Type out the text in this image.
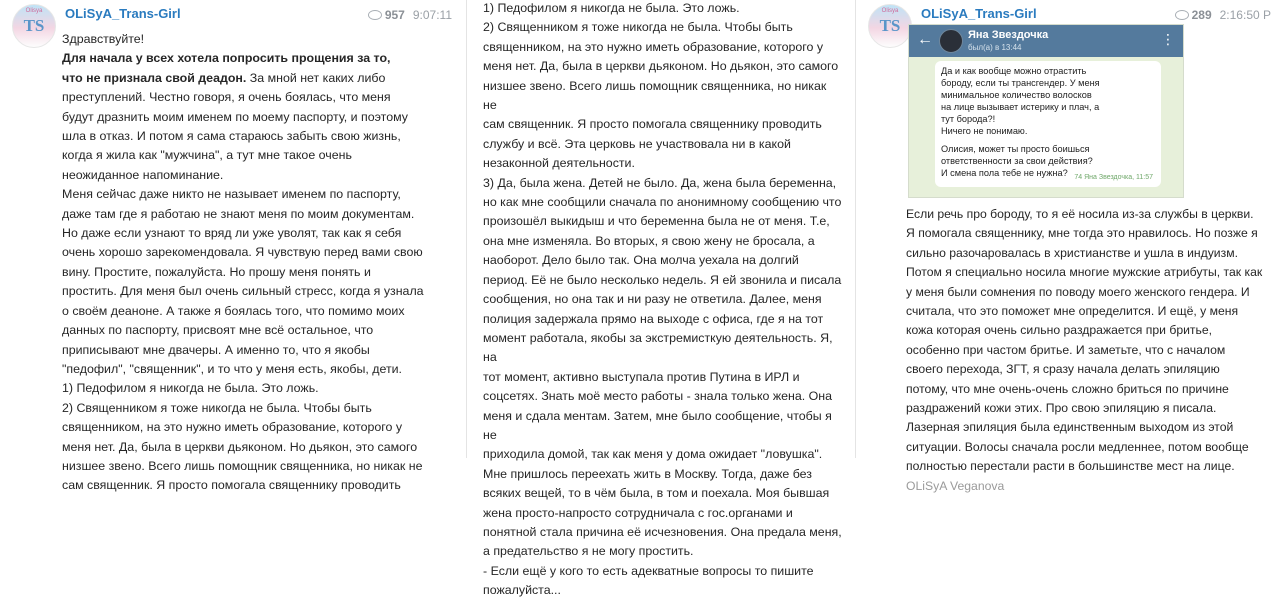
Olisya
TS
OLiSyA_Trans-Girl	957 9:07:11

Здравствуйте!

Для начала у всех хотела попросить прощения за то,

что не признала свой деадон. За мной нет каких либо

преступлений. Честно говоря, я очень боялась, что меня

будут дразнить моим именем по моему паспорту, и поэтому

шла в отказ. И потом я сама стараюсь забыть свою жизнь,

когда я жила как "мужчина", а тут мне такое очень

неожиданное напоминание.

Меня сейчас даже никто не называет именем по паспорту,

даже там где я работаю не знают меня по моим документам.

Но даже если узнают то вряд ли уже уволят, так как я себя

очень хорошо зарекомендовала. Я чувствую перед вами свою

вину. Простите, пожалуйста. Но прошу меня понять и

простить. Для меня был очень сильный стресс, когда я узнала

о своём деаноне. А также я боялась того, что помимо моих

данных по паспорту, присвоят мне всё остальное, что

приписывают мне двачеры. А именно то, что я якобы

"педофил", "священник", и то что у меня есть, якобы, дети.

1) Педофилом я никогда не была. Это ложь.

2) Священником я тоже никогда не была. Чтобы быть

священником, на это нужно иметь образование, которого у

меня нет. Да, была в церкви дьяконом. Но дьякон, это самого

низшее звено. Всего лишь помощник священника, но никак не

сам священник. Я просто помогала священнику проводить

1) Педофилом я никогда не была. Это ложь.

2) Священником я тоже никогда не была. Чтобы быть

священником, на это нужно иметь образование, которого у

меня нет. Да, была в церкви дьяконом. Но дьякон, это самого

низшее звено. Всего лишь помощник священника, но никак не

сам священник. Я просто помогала священнику проводить

службу и всё. Эта церковь не участвовала ни в какой

незаконной деятельности.

3) Да, была жена. Детей не было. Да, жена была беременна,

но как мне сообщили сначала по анонимному сообщению что

произошёл выкидыш и что беременна была не от меня. Т.е,

она мне изменяла. Во вторых, я свою жену не бросала, а

наоборот. Дело было так. Она молча уехала на долгий

период. Её не было несколько недель. Я ей звонила и писала

сообщения, но она так и ни разу не ответила. Далее, меня

полиция задержала прямо на выходе с офиса, где я на тот

момент работала, якобы за экстремисткую деятельность. Я, на

тот момент, активно выступала против Путина в ИРЛ и

соцсетях. Знать моё место работы - знала только жена. Она

меня и сдала ментам. Затем, мне было сообщение, чтобы я не

приходила домой, так как меня у дома ожидает "ловушка".

Мне пришлось переехать жить в Москву. Тогда, даже без

всяких вещей, то в чём была, в том и поехала. Моя бывшая

жена просто-напросто сотрудничала с гос.органами и

понятной стала причина её исчезновения. Она предала меня,

а предательство я не могу простить.

- Если ещё у кого то есть адекватные вопросы то пишите

пожалуйста...

Olisya
TS
OLiSyA_Trans-Girl	289 2:16:50 P
←	Яна Звездочка
был(а) в 13:44
⋮

Да и как вообще можно отрастить

бороду, если ты трансгендер. У меня

минимальное количество волосков

на лице вызывает истерику и плач, а

тут борода?!

Ничего не понимаю.

Олисия, может ты просто боишься

ответственности за свои действия?

И смена пола тебе не нужна? 74 Яна Звездочка, 11:57

Если речь про бороду, то я её носила из-за службы в церкви.

Я помогала священнику, мне тогда это нравилось. Но позже я

сильно разочаровалась в христианстве и ушла в индуизм.

Потом я специально носила многие мужские атрибуты, так как

у меня были сомнения по поводу моего женского гендера. И

считала, что это поможет мне определится. И ещё, у меня

кожа которая очень сильно раздражается при бритье,

особенно при частом бритье. И заметьте, что с началом

своего перехода, ЗГТ, я сразу начала делать эпиляцию

потому, что мне очень-очень сложно бриться по причине

раздражений кожи этих. Про свою эпиляцию я писала.

Лазерная эпиляция была единственным выходом из этой

ситуации. Волосы сначала росли медленнее, потом вообще

полностью перестали расти в большинстве мест на лице.

OLiSyA Veganova
